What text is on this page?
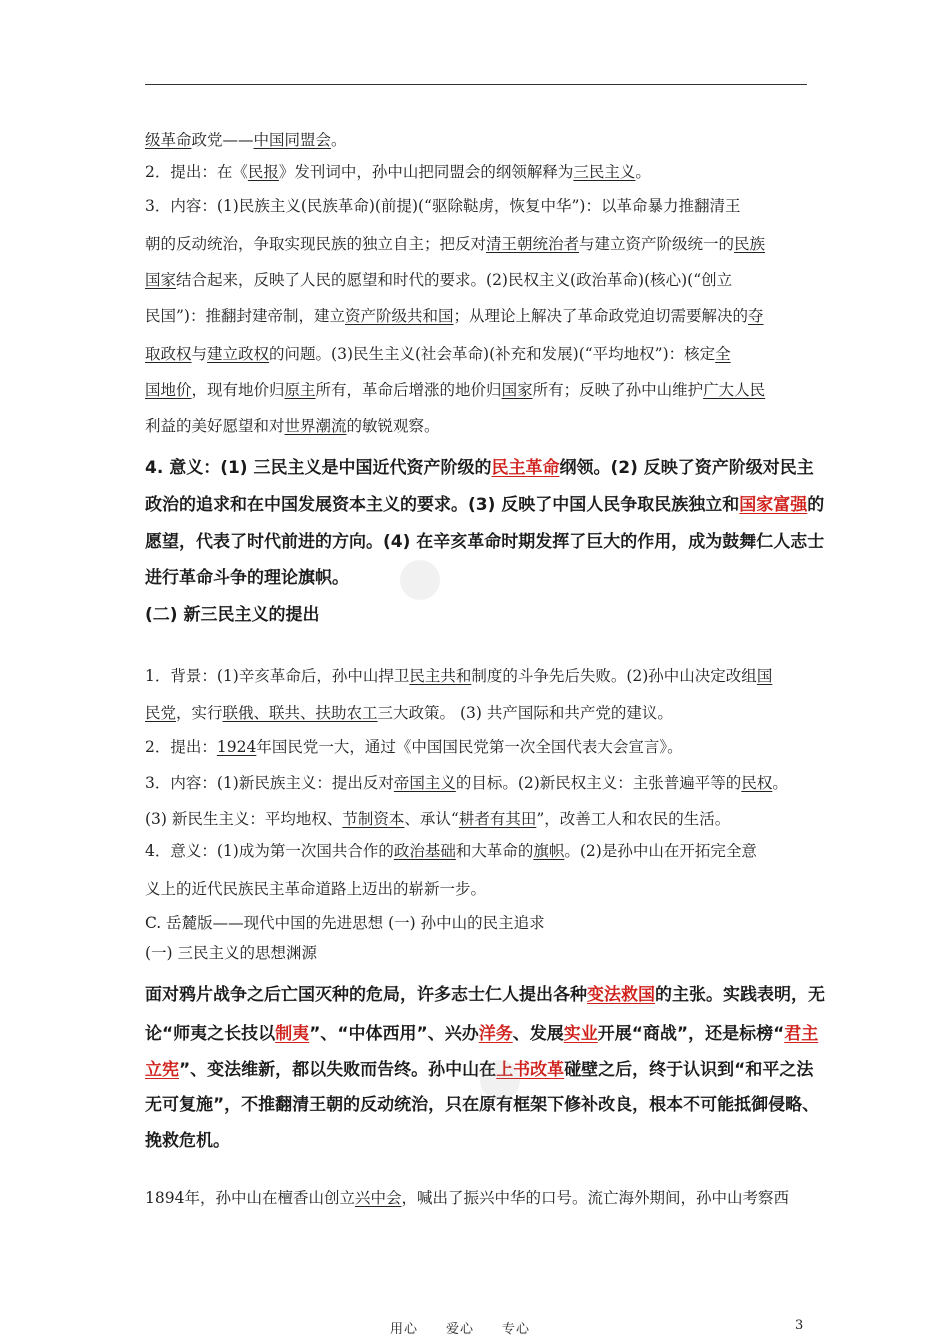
级革命政党——中国同盟会。
2．提出：在《民报》发刊词中，孙中山把同盟会的纲领解释为三民主义。
3．内容：(1)民族主义(民族革命)(前提)(“驱除鞑虏，恢复中华”)：以革命暴力推翻清王
朝的反动统治，争取实现民族的独立自主；把反对清王朝统治者与建立资产阶级统一的民族
国家结合起来，反映了人民的愿望和时代的要求。(2)民权主义(政治革命)(核心)(“创立
民国”)：推翻封建帝制，建立资产阶级共和国；从理论上解决了革命政党迫切需要解决的夺
取政权与建立政权的问题。(3)民生主义(社会革命)(补充和发展)(“平均地权”)：核定全
国地价，现有地价归原主所有，革命后增涨的地价归国家所有；反映了孙中山维护广大人民
利益的美好愿望和对世界潮流的敏锐观察。
4. 意义：(1) 三民主义是中国近代资产阶级的民主革命纲领。(2) 反映了资产阶级对民主
政治的追求和在中国发展资本主义的要求。(3) 反映了中国人民争取民族独立和国家富强的
愿望，代表了时代前进的方向。(4) 在辛亥革命时期发挥了巨大的作用，成为鼓舞仁人志士
进行革命斗争的理论旗帜。
(二) 新三民主义的提出
1．背景：(1)辛亥革命后，孙中山捍卫民主共和制度的斗争先后失败。(2)孙中山决定改组国
民党，实行联俄、联共、扶助农工三大政策。 (3) 共产国际和共产党的建议。
2．提出：1924年国民党一大，通过《中国国民党第一次全国代表大会宣言》。
3．内容：(1)新民族主义：提出反对帝国主义的目标。(2)新民权主义：主张普遍平等的民权。
(3) 新民生主义：平均地权、节制资本、承认“耕者有其田”，改善工人和农民的生活。
4．意义：(1)成为第一次国共合作的政治基础和大革命的旗帜。(2)是孙中山在开拓完全意
义上的近代民族民主革命道路上迈出的崭新一步。
C. 岳麓版——现代中国的先进思想 (一) 孙中山的民主追求
(一) 三民主义的思想渊源
面对鸦片战争之后亡国灭种的危局，许多志士仁人提出各种变法救国的主张。实践表明，无
论“师夷之长技以制夷”、“中体西用”、兴办洋务、发展实业开展“商战”，还是标榜“君主
立宪”、变法维新，都以失败而告终。孙中山在上书改革碰壁之后，终于认识到“和平之法
无可复施”，不推翻清王朝的反动统治，只在原有框架下修补改良，根本不可能抵御侵略、
挽救危机。
1894年，孙中山在檀香山创立兴中会，喊出了振兴中华的口号。流亡海外期间，孙中山考察西
用心　　爱心　　专心	3
